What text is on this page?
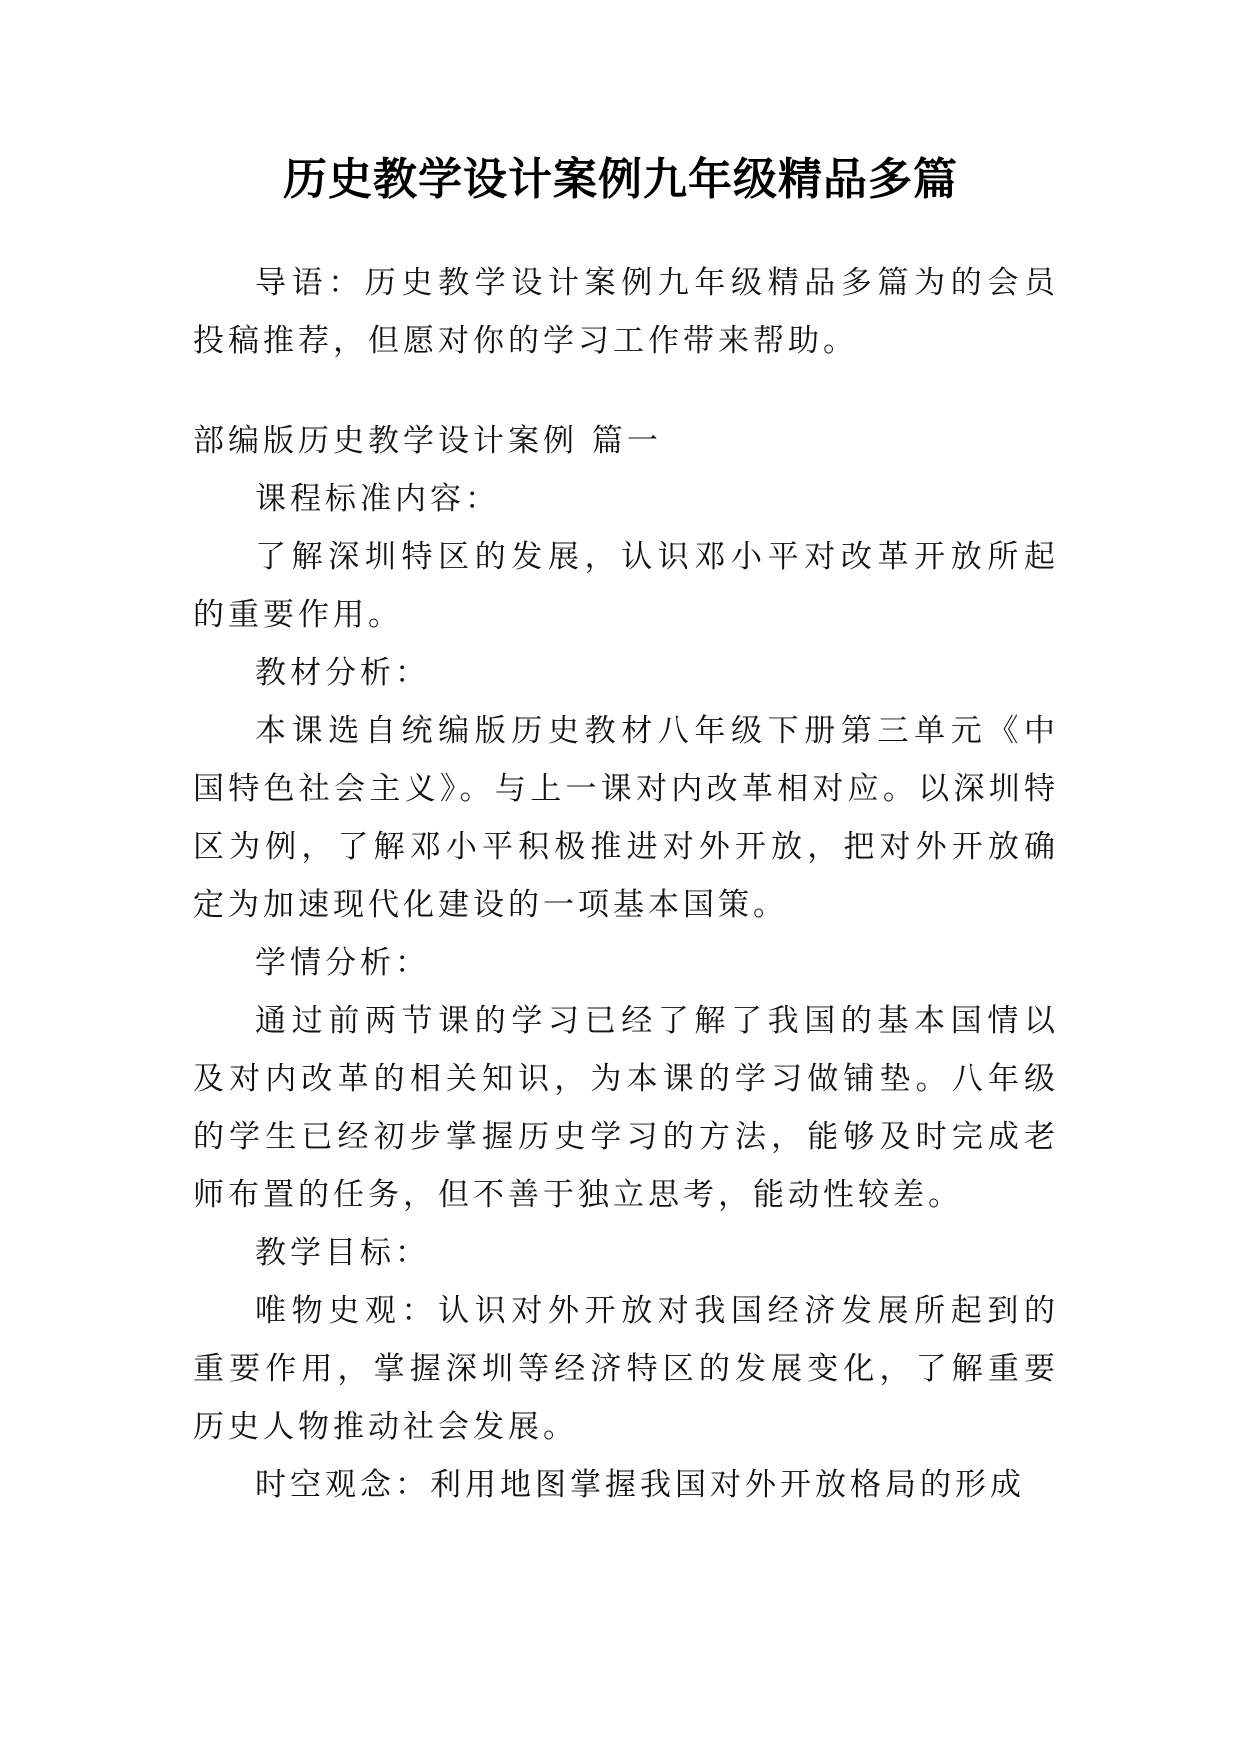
历史教学设计案例九年级精品多篇

导语：历史教学设计案例九年级精品多篇为的会员投稿推荐，但愿对你的学习工作带来帮助。

部编版历史教学设计案例 篇一

课程标准内容：

了解深圳特区的发展，认识邓小平对改革开放所起的重要作用。

教材分析：

本课选自统编版历史教材八年级下册第三单元《中国特色社会主义》。与上一课对内改革相对应。以深圳特区为例，了解邓小平积极推进对外开放，把对外开放确定为加速现代化建设的一项基本国策。

学情分析：

通过前两节课的学习已经了解了我国的基本国情以及对内改革的相关知识，为本课的学习做铺垫。八年级的学生已经初步掌握历史学习的方法，能够及时完成老师布置的任务，但不善于独立思考，能动性较差。

教学目标：

唯物史观：认识对外开放对我国经济发展所起到的重要作用，掌握深圳等经济特区的发展变化，了解重要历史人物推动社会发展。

时空观念：利用地图掌握我国对外开放格局的形成
